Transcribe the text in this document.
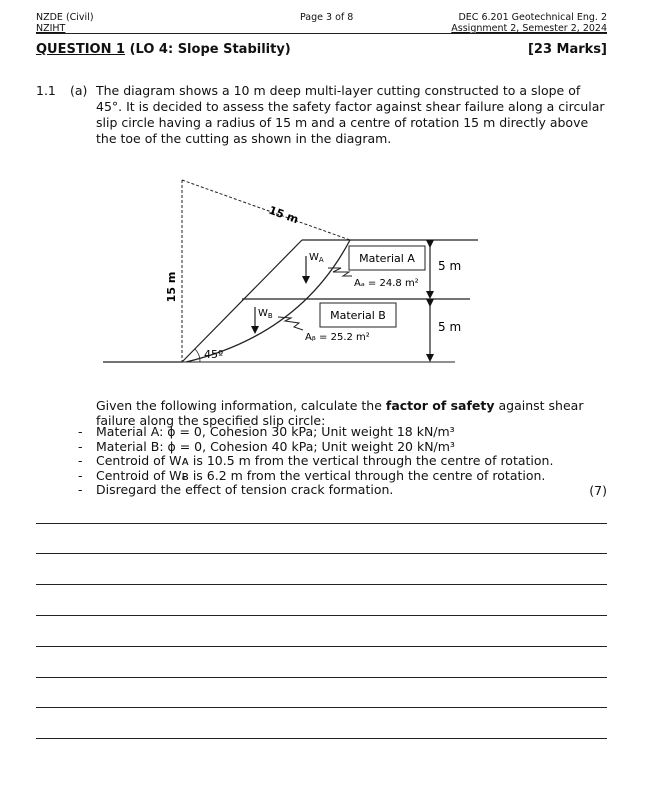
NZDE (Civil)
NZIHT
Page 3 of 8	DEC 6.201 Geotechnical Eng. 2
Assignment 2, Semester 2, 2024
QUESTION 1 (LO 4: Slope Stability)	[23 Marks]
1.1 (a) The diagram shows a 10 m deep multi-layer cutting constructed to a slope of 45°. It is decided to assess the safety factor against shear failure along a circular slip circle having a radius of 15 m and a centre of rotation 15 m directly above the toe of the cutting as shown in the diagram.

Material A
Material B
15 m
15 m
45º
5 m
5 m
Aₐ = 24.8 m²
Aᵦ = 25.2 m²
$W_A$
$W_B$
Given the following information, calculate the factor of safety against shear failure along the specified slip circle:
- Material A: ϕ = 0, Cohesion 30 kPa; Unit weight 18 kN/m³
- Material B: ϕ = 0, Cohesion 40 kPa; Unit weight 20 kN/m³
- Centroid of Wᴀ is 10.5 m from the vertical through the centre of rotation.
- Centroid of Wᴃ is 6.2 m from the vertical through the centre of rotation.
- Disregard the effect of tension crack formation.	(7)
